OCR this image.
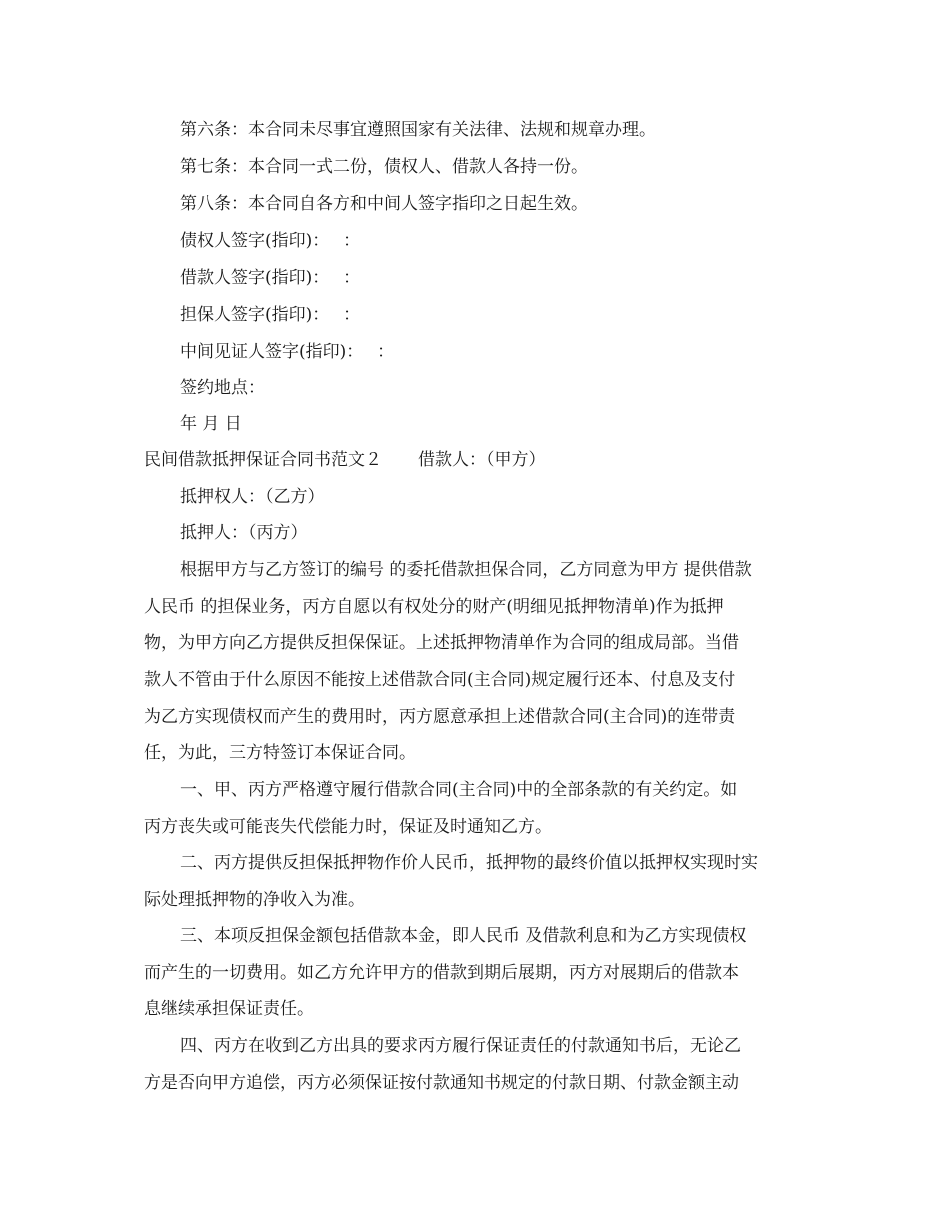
第六条：本合同未尽事宜遵照国家有关法律、法规和规章办理。
第七条：本合同一式二份，债权人、借款人各持一份。
第八条：本合同自各方和中间人签字指印之日起生效。
债权人签字(指印)：　 ：
借款人签字(指印)：　 ：
担保人签字(指印)：　 ：
中间见证人签字(指印)：　 ：
签约地点：
年 月 日
民间借款抵押保证合同书范文２ 借款人：（甲方）
抵押权人：（乙方）
抵押人：（丙方）
根据甲方与乙方签订的编号 的委托借款担保合同，乙方同意为甲方 提供借款
人民币 的担保业务，丙方自愿以有权处分的财产(明细见抵押物清单)作为抵押
物，为甲方向乙方提供反担保保证。上述抵押物清单作为合同的组成局部。当借
款人不管由于什么原因不能按上述借款合同(主合同)规定履行还本、付息及支付
为乙方实现债权而产生的费用时，丙方愿意承担上述借款合同(主合同)的连带责
任，为此，三方特签订本保证合同。
一、甲、丙方严格遵守履行借款合同(主合同)中的全部条款的有关约定。如
丙方丧失或可能丧失代偿能力时，保证及时通知乙方。
二、丙方提供反担保抵押物作价人民币，抵押物的最终价值以抵押权实现时实
际处理抵押物的净收入为准。
三、本项反担保金额包括借款本金，即人民币 及借款利息和为乙方实现债权
而产生的一切费用。如乙方允许甲方的借款到期后展期，丙方对展期后的借款本
息继续承担保证责任。
四、丙方在收到乙方出具的要求丙方履行保证责任的付款通知书后，无论乙
方是否向甲方追偿，丙方必须保证按付款通知书规定的付款日期、付款金额主动
